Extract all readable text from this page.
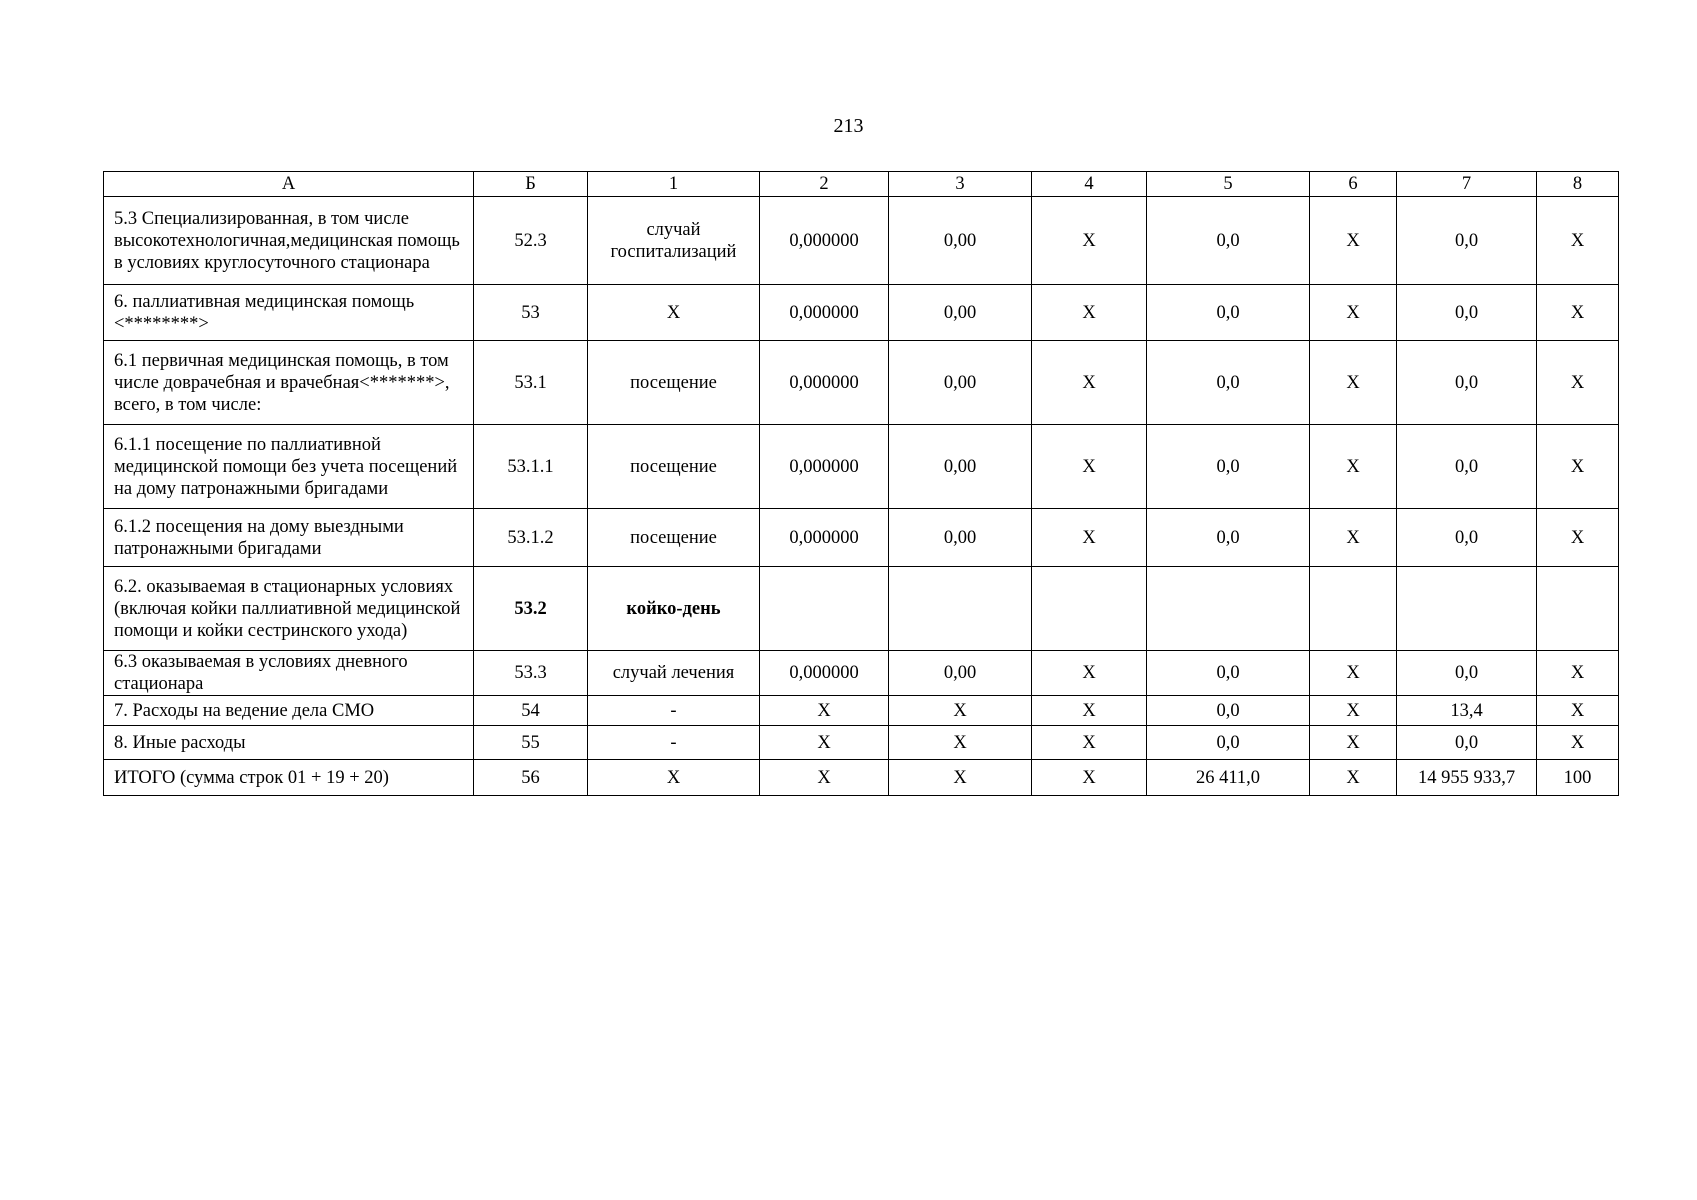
213
А	Б	1	2	3	4	5	6	7	8
5.3 Специализированная, в том числе высокотехнологичная,медицинская помощь в условиях круглосуточного стационара	52.3	случай госпитализаций	0,000000	0,00	X	0,0	X	0,0	X
6. паллиативная медицинская помощь <********>	53	X	0,000000	0,00	X	0,0	X	0,0	X
6.1 первичная медицинская помощь, в том числе доврачебная и врачебная<*******>, всего, в том числе:	53.1	посещение	0,000000	0,00	X	0,0	X	0,0	X
6.1.1 посещение по паллиативной медицинской помощи без учета посещений на дому патронажными бригадами	53.1.1	посещение	0,000000	0,00	X	0,0	X	0,0	X
6.1.2 посещения на дому выездными патронажными бригадами	53.1.2	посещение	0,000000	0,00	X	0,0	X	0,0	X
6.2. оказываемая в стационарных условиях (включая койки паллиативной медицинской помощи и койки сестринского ухода)	53.2	койко-день							
6.3 оказываемая в условиях дневного стационара	53.3	случай лечения	0,000000	0,00	X	0,0	X	0,0	X
7. Расходы на ведение дела СМО	54	-	X	X	X	0,0	X	13,4	X
8. Иные расходы	55	-	X	X	X	0,0	X	0,0	X
ИТОГО (сумма строк 01 + 19 + 20)	56	X	X	X	X	26 411,0	X	14 955 933,7	100
